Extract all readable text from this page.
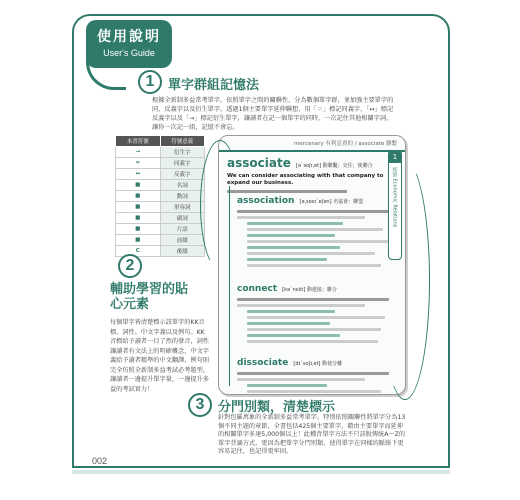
使用說明
User's Guide
1	單字群組記憶法
根據全新制多益常考單字，依照單字之間的關聯性，分為數個單字群，並加強主要單字的同、反義字以及衍生單字。透過1個主要單字延伸聯想，用「＝」標記同義字，「↔」標記反義字以及「→」標記衍生單字，讓讀者在記一個單字的同時，一次記住其他相關字詞，讓你一次記一組，記憶不會忘。
本書符號	符號意義
→	衍生字
=	同義字
↔	反義字
■	名詞
■	動詞
■	形容詞
■	副詞
■	片語
■	前綴
C	後綴
2
輔助學習的貼心元素
每個單字皆清楚標示該單字的KK音標、詞性、中文字義以及例句。KK音標給予讀者一目了然的發音，詞性讓讀者有文法上的明確概念，中文字義給予讀者精準的中文翻譯，例句則完全仿照全新制多益考試必考題型，讓讀者一邊提升單字量，一邊提升多益的考試實力！
mercenary 有利息賣的 / associate 聯繫
associate [ə`soʃɪ͵et] 動聯繫；交往；使聯合
We can consider associating with that company to expand our business.
association [ə͵sosɪ`eʃən] 名協會；聯盟
connect [kə`nɛkt] 動連接；聯合
dissociate [dɪ`soʃɪ͵et] 動使分離
1
經濟 Economic Relations
3	分門別類，清楚標示
針對包羅萬象的全新制多益常考單字，特別依照關聯性將單字分為13個不同主題的章節，全書包括425個主要單字，藉由主要單字而延伸的相關單字多達5,000個以上！此種背單字方法不只該脫傳統A～Z的單字背誦方式，更因為把單字分門別類，使得單字在同樣的脈絡下更容易記住，也記得更牢固。
002
